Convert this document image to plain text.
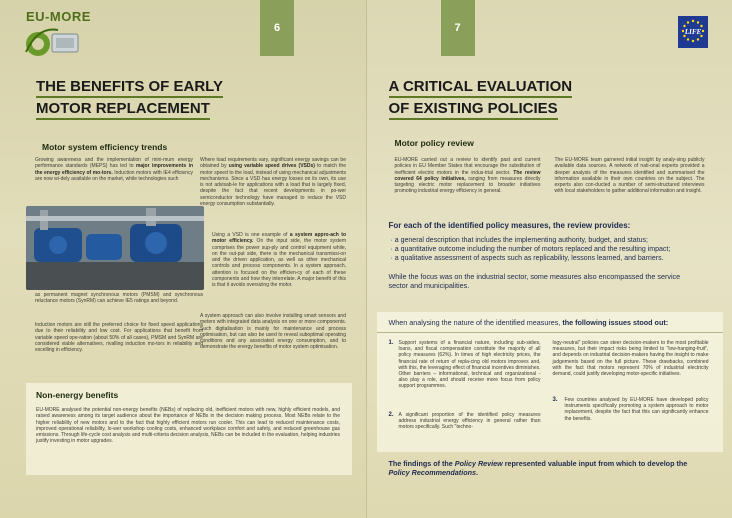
EU-MORE
6
THE BENEFITS OF EARLY
MOTOR REPLACEMENT
Motor system efficiency trends
Growing awareness and the implementation of mini-mum energy performance standards (MEPS) has led to major improvements in the energy efficiency of mo-tors. Induction motors with IE4 efficiency are now wi-dely available on the market, while technologies such
as permanent magnet synchronous motors (PMSM) and synchronous reluctance motors (SynRM) can achieve IE5 ratings and beyond.
Induction motors are still the preferred choice for fixed speed applications due to their reliability and low cost. For applications that benefit from variable speed ope-ration (about 50% of all cases), PMSM and SynRM are considered viable alternatives, rivalling induction mo-tors in reliability and excelling in efficiency.
Where load requirements vary, significant energy savings can be obtained by using variable speed drives (VSDs) to match the motor speed to the load, instead of using mechanical adjustments mechanisms. Since a VSD has energy losses on its own, its use is not advisab-le for applications with a load that is largely fixed, despite the fact that recent developments in po-wer semiconductor technology have managed to reduce the VSD energy consumption substantially.
Using a VSD is one example of a system appro-ach to motor efficiency. On the input side, the motor system comprises the power sup-ply and control equipment while, on the out-put side, there is the mechanical transmissi-on and the driven application, as well as other mechanical controls and process components. In a system approach, attention is focused on the efficien-cy of each of these components and how they interrelate. A major benefit of this is that it avoids oversizing the motor.
A system approach can also involve installing smart sensors and meters with integrated data analysis on one or more components. Such digitalisation is mainly for maintenance and process optimisation, but can also be used to reveal suboptimal operating conditions and any associated energy consumption, and to demonstrate the energy benefits of motor system optimisation.
Non-energy benefits
EU-MORE analysed the potential non-energy benefits (NEBs) of replacing old, inefficient motors with new, highly efficient models, and raised awareness among its target audience about the importance of NEBs in the decision making process. Most NEBs relate to the higher reliability of new motors and to the fact that highly efficient motors run cooler. This can lead to reduced maintenance costs, improved operational reliability, lo-wer workshop cooling costs, enhanced workplace comfort and safety, and reduced greenhouse gas emissions. Through life-cycle cost analysis and multi-criteria decision analysis, NEBs can be included in the evaluation, helping industries justify investing in motor upgrades.
7	LIFE
A CRITICAL EVALUATION
OF EXISTING POLICIES
Motor policy review
EU-MORE carried out a review to identify past and current policies in EU Member States that encourage the substitution of inefficient electric motors in the indus-trial sector. The review covered 64 policy initiatives, ranging from measures directly targeting electric motor replacement to broader initiatives promoting industrial energy efficiency in general.
The EU-MORE team garnered initial insight by analy-sing publicly available data sources. A network of nati-onal experts provided a deeper analysis of the measures identified and summarised the information available in their own countries on the subject. The experts also con-ducted a number of semi-structured interviews with local stakeholders to gather additional information and insight.
For each of the identified policy measures, the review provides:
· a general description that includes the implementing authority, budget, and status;
· a quantitative outcome including the number of motors replaced and the resulting impact;
· a qualitative assessment of aspects such as replicability, lessons learned, and barriers.
While the focus was on the industrial sector, some measures also encompassed the service sector and municipalities.
When analysing the nature of the identified measures, the following issues stood out:
1. Support systems of a financial nature, including sub-sidies, loans, and fiscal compensation constitute the majority of all policy measures (62%). In times of high electricity prices, the financial rate of return of repla-cing old motors improves and, with this, the leveraging effect of financial incentives diminishes. Other barriers – informational, technical and organizational - also play a role, and should receive more focus from policy support programmes.
2. A significant proportion of the identified policy measures address industrial energy efficiency in general rather than motors specifically. Such "techno-
logy-neutral" policies can steer decision-makers to the most profitable measures, but their impact risks being limited to "low-hanging-fruit", and depends on industrial decision-makers having the insight to make judgements based on the full picture. These drawbacks, combined with the fact that motors represent 70% of industrial electricity demand, could justify developing motor-specific initiatives.
3. Few countries analysed by EU-MORE have developed policy instruments specifically promoting a system approach to motor replacement, despite the fact that this can significantly enhance the benefits.
The findings of the Policy Review represented valuable input from which to develop the Policy Recommendations.
